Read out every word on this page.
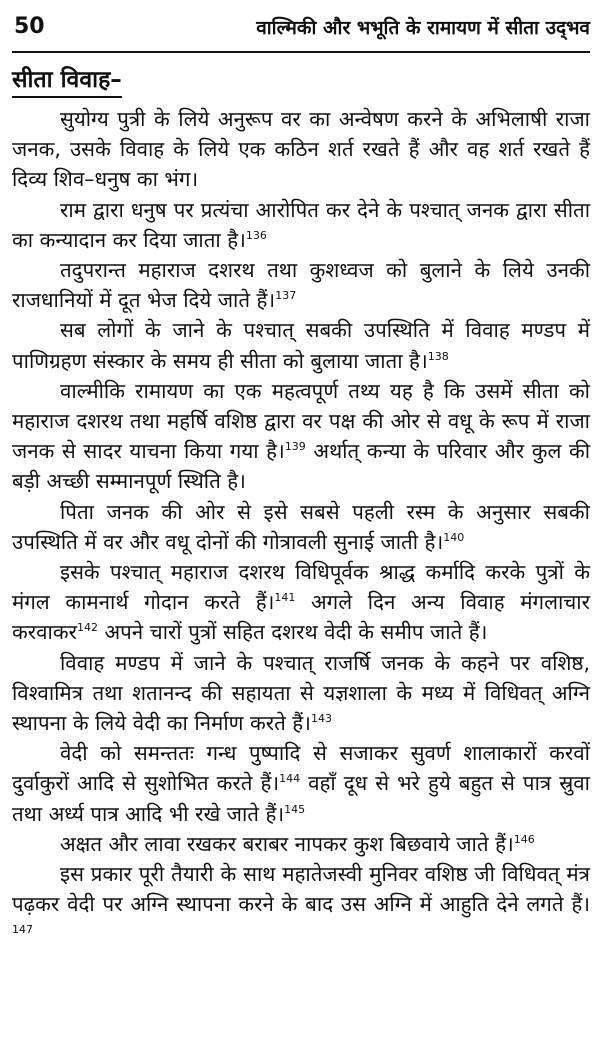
50	वाल्मिकी और भभूति के रामायण में सीता उद्‌भव
सीता विवाह–

सुयोग्य पुत्री के लिये अनुरूप वर का अन्वेषण करने के अभिलाषी राजा जनक, उसके विवाह के लिये एक कठिन शर्त रखते हैं और वह शर्त रखते हैं दिव्य शिव–धनुष का भंग।

राम द्वारा धनुष पर प्रत्यंचा आरोपित कर देने के पश्चात् जनक द्वारा सीता का कन्यादान कर दिया जाता है।$^{136}$

तदुपरान्त महाराज दशरथ तथा कुशध्वज को बुलाने के लिये उनकी राजधानियों में दूत भेज दिये जाते हैं।$^{137}$

सब लोगों के जाने के पश्चात् सबकी उपस्थिति में विवाह मण्डप में पाणिग्रहण संस्कार के समय ही सीता को बुलाया जाता है।$^{138}$

वाल्मीकि रामायण का एक महत्वपूर्ण तथ्य यह है कि उसमें सीता को महाराज दशरथ तथा महर्षि वशिष्ठ द्वारा वर पक्ष की ओर से वधू के रूप में राजा जनक से सादर याचना किया गया है।$^{139}$ अर्थात् कन्या के परिवार और कुल की बड़ी अच्छी सम्मानपूर्ण स्थिति है।

पिता जनक की ओर से इसे सबसे पहली रस्म के अनुसार सबकी उपस्थिति में वर और वधू दोनों की गोत्रावली सुनाई जाती है।$^{140}$

इसके पश्चात् महाराज दशरथ विधिपूर्वक श्राद्ध कर्मादि करके पुत्रों के मंगल कामनार्थ गोदान करते हैं।$^{141}$ अगले दिन अन्य विवाह मंगलाचार करवाकर$^{142}$ अपने चारों पुत्रों सहित दशरथ वेदी के समीप जाते हैं।

विवाह मण्डप में जाने के पश्चात् राजर्षि जनक के कहने पर वशिष्ठ, विश्वामित्र तथा शतानन्द की सहायता से यज्ञशाला के मध्य में विधिवत् अग्नि स्थापना के लिये वेदी का निर्माण करते हैं।$^{143}$

वेदी को समन्ततः गन्ध पुष्पादि से सजाकर सुवर्ण शालाकारों करवों दुर्वाकुरों आदि से सुशोभित करते हैं।$^{144}$ वहाँ दूध से भरे हुये बहुत से पात्र स्रुवा तथा अर्ध्य पात्र आदि भी रखे जाते हैं।$^{145}$

अक्षत और लावा रखकर बराबर नापकर कुश बिछवाये जाते हैं।$^{146}$

इस प्रकार पूरी तैयारी के साथ महातेजस्वी मुनिवर वशिष्ठ जी विधिवत् मंत्र पढ़कर वेदी पर अग्नि स्थापना करने के बाद उस अग्नि में आहुति देने लगते हैं।$^{147}$
